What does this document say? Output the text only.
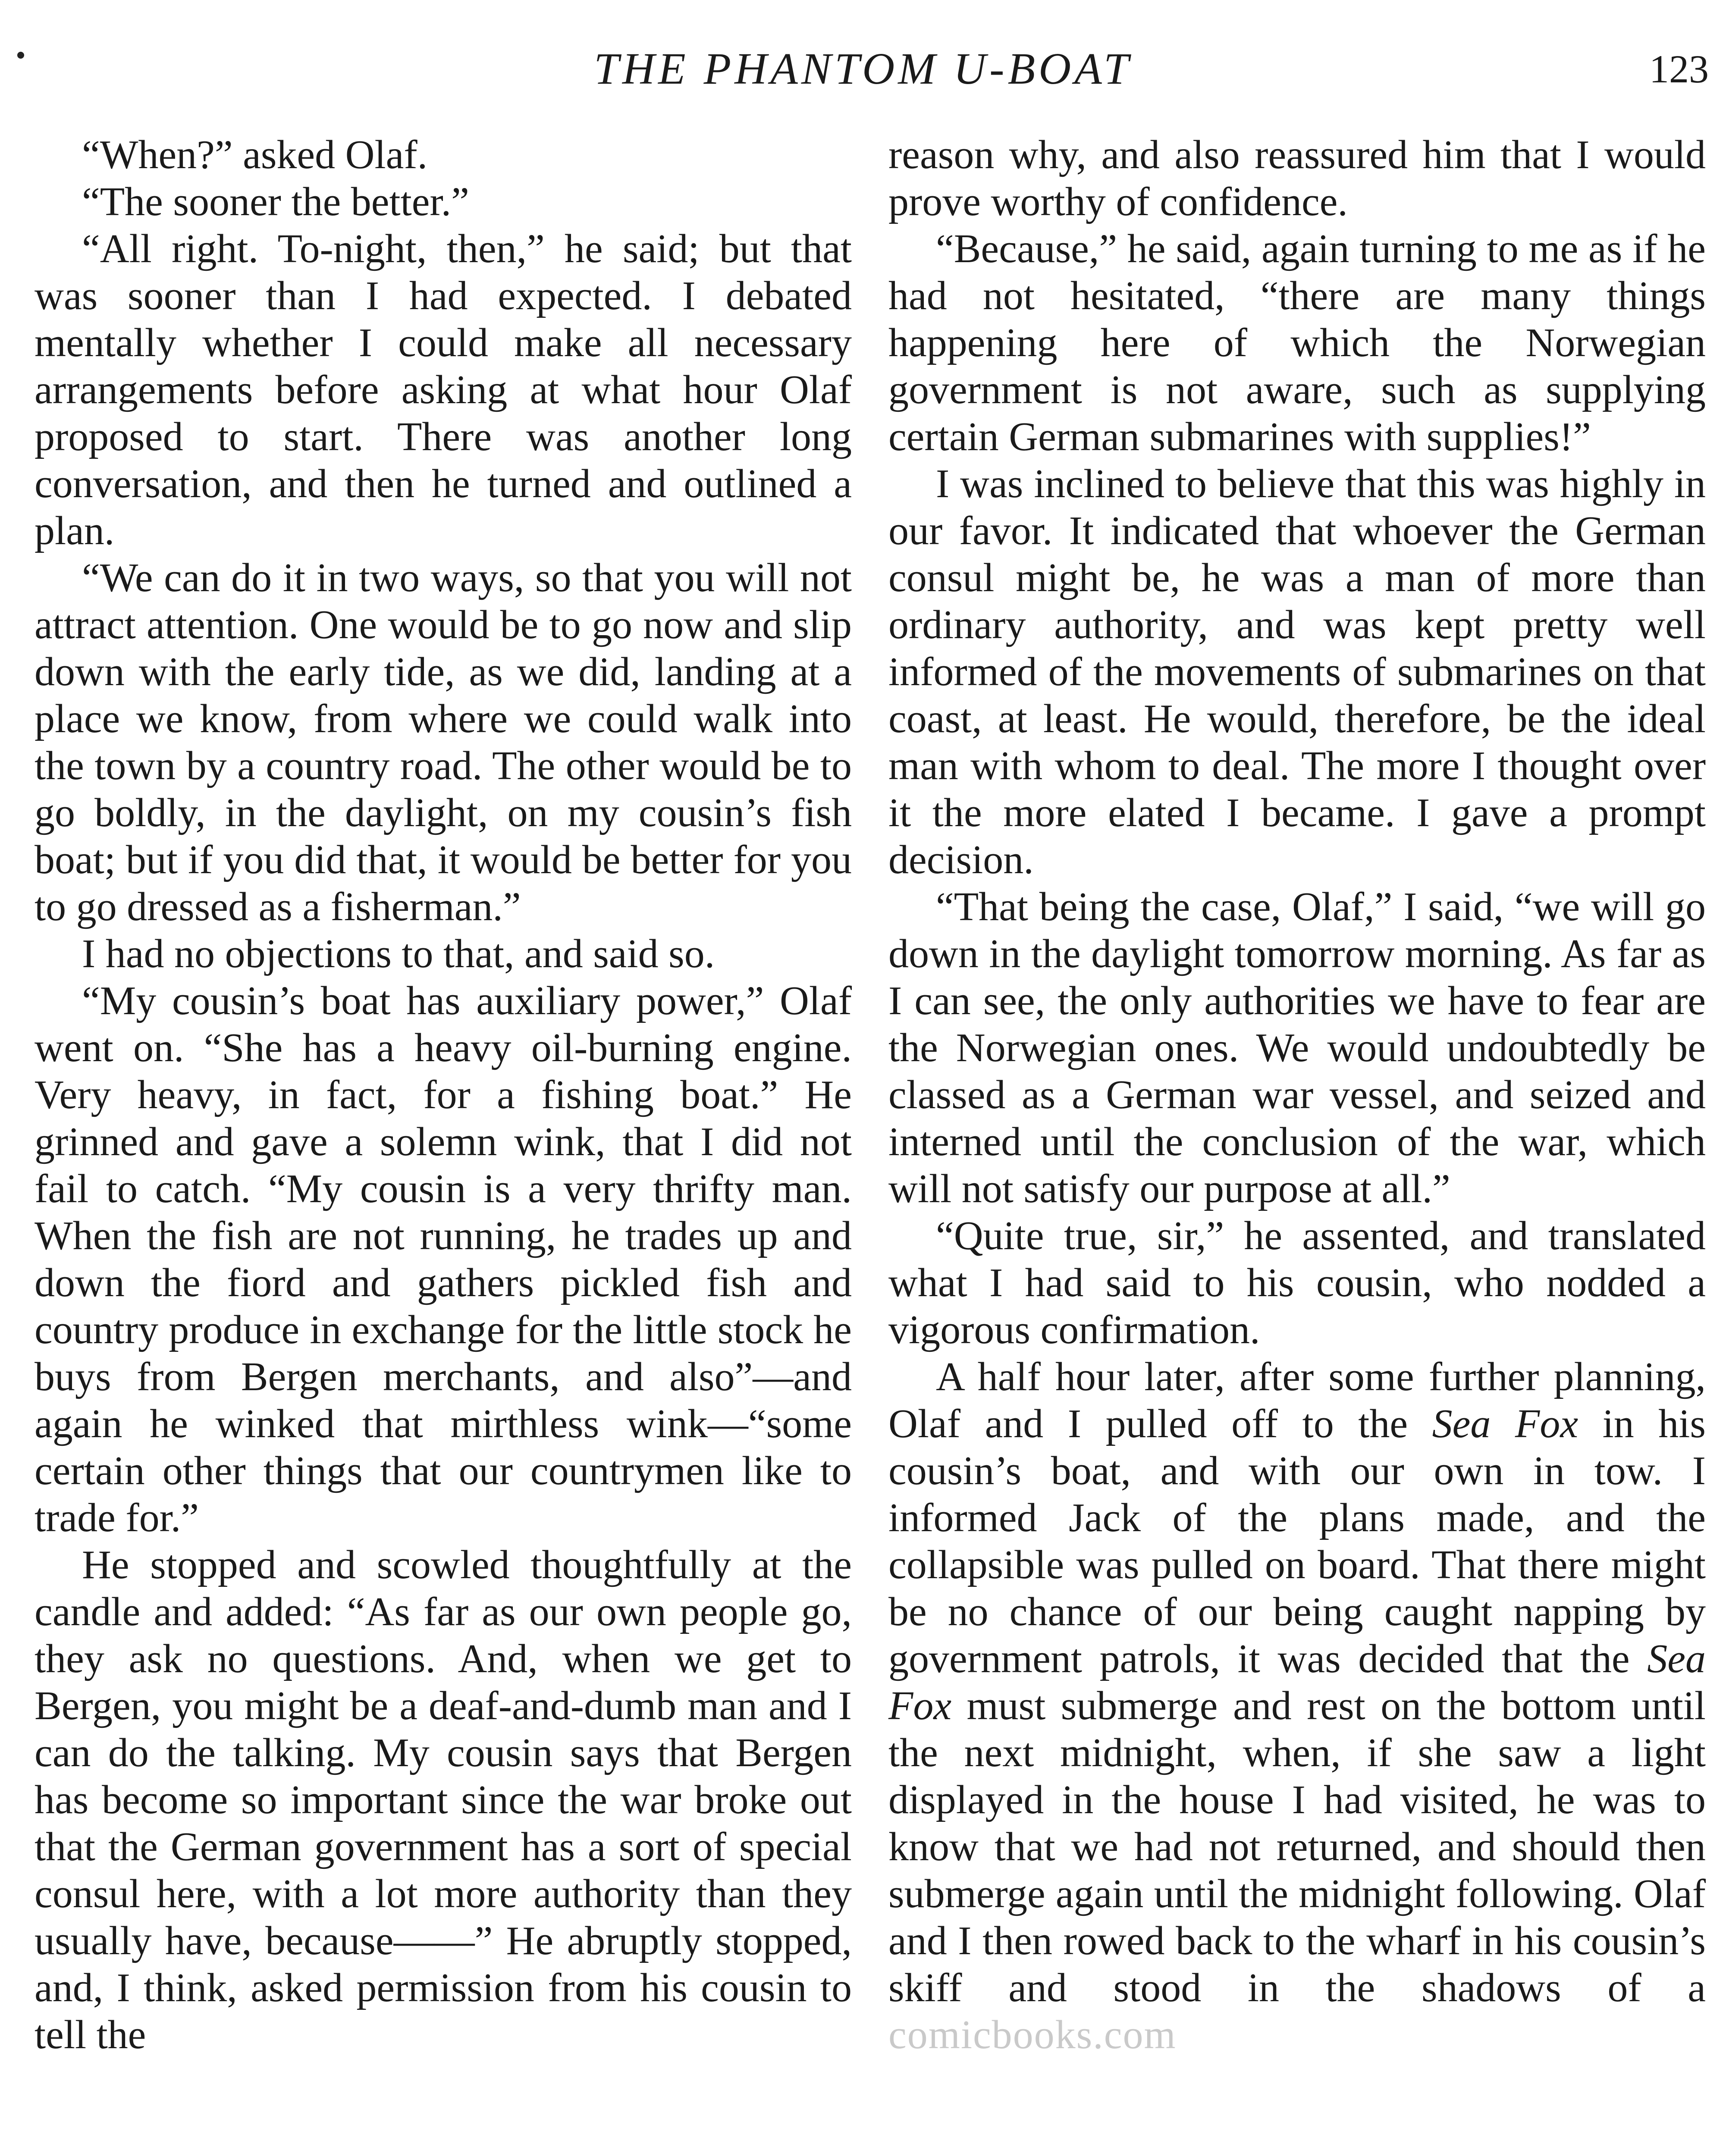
THE PHANTOM U-BOAT	123

“When?” asked Olaf.

“The sooner the better.”

“All right. To-night, then,” he said; but that was sooner than I had expected. I debated mentally whether I could make all necessary arrangements before asking at what hour Olaf proposed to start. There was another long conversation, and then he turned and outlined a plan.

“We can do it in two ways, so that you will not attract attention. One would be to go now and slip down with the early tide, as we did, landing at a place we know, from where we could walk into the town by a country road. The other would be to go boldly, in the daylight, on my cousin’s fish boat; but if you did that, it would be better for you to go dressed as a fisherman.”

I had no objections to that, and said so.

“My cousin’s boat has auxiliary power,” Olaf went on. “She has a heavy oil-burning engine. Very heavy, in fact, for a fishing boat.” He grinned and gave a solemn wink, that I did not fail to catch. “My cousin is a very thrifty man. When the fish are not running, he trades up and down the fiord and gathers pickled fish and country produce in exchange for the little stock he buys from Bergen merchants, and also”—and again he winked that mirthless wink—“some certain other things that our countrymen like to trade for.”

He stopped and scowled thoughtfully at the candle and added: “As far as our own people go, they ask no questions. And, when we get to Bergen, you might be a deaf-and-dumb man and I can do the talking. My cousin says that Bergen has become so important since the war broke out that the German government has a sort of special consul here, with a lot more authority than they usually have, because——” He abruptly stopped, and, I think, asked permission from his cousin to tell the

reason why, and also reassured him that I would prove worthy of confidence.

“Because,” he said, again turning to me as if he had not hesitated, “there are many things happening here of which the Norwegian government is not aware, such as supplying certain German submarines with supplies!”

I was inclined to believe that this was highly in our favor. It indicated that whoever the German consul might be, he was a man of more than ordinary authority, and was kept pretty well informed of the movements of submarines on that coast, at least. He would, therefore, be the ideal man with whom to deal. The more I thought over it the more elated I became. I gave a prompt decision.

“That being the case, Olaf,” I said, “we will go down in the daylight tomorrow morning. As far as I can see, the only authorities we have to fear are the Norwegian ones. We would undoubtedly be classed as a German war vessel, and seized and interned until the conclusion of the war, which will not satisfy our purpose at all.”

“Quite true, sir,” he assented, and translated what I had said to his cousin, who nodded a vigorous confirmation.

A half hour later, after some further planning, Olaf and I pulled off to the Sea Fox in his cousin’s boat, and with our own in tow. I informed Jack of the plans made, and the collapsible was pulled on board. That there might be no chance of our being caught napping by government patrols, it was decided that the Sea Fox must submerge and rest on the bottom until the next midnight, when, if she saw a light displayed in the house I had visited, he was to know that we had not returned, and should then submerge again until the midnight following. Olaf and I then rowed back to the wharf in his cousin’s skiff and stood in the shadows of a comicbooks.com
